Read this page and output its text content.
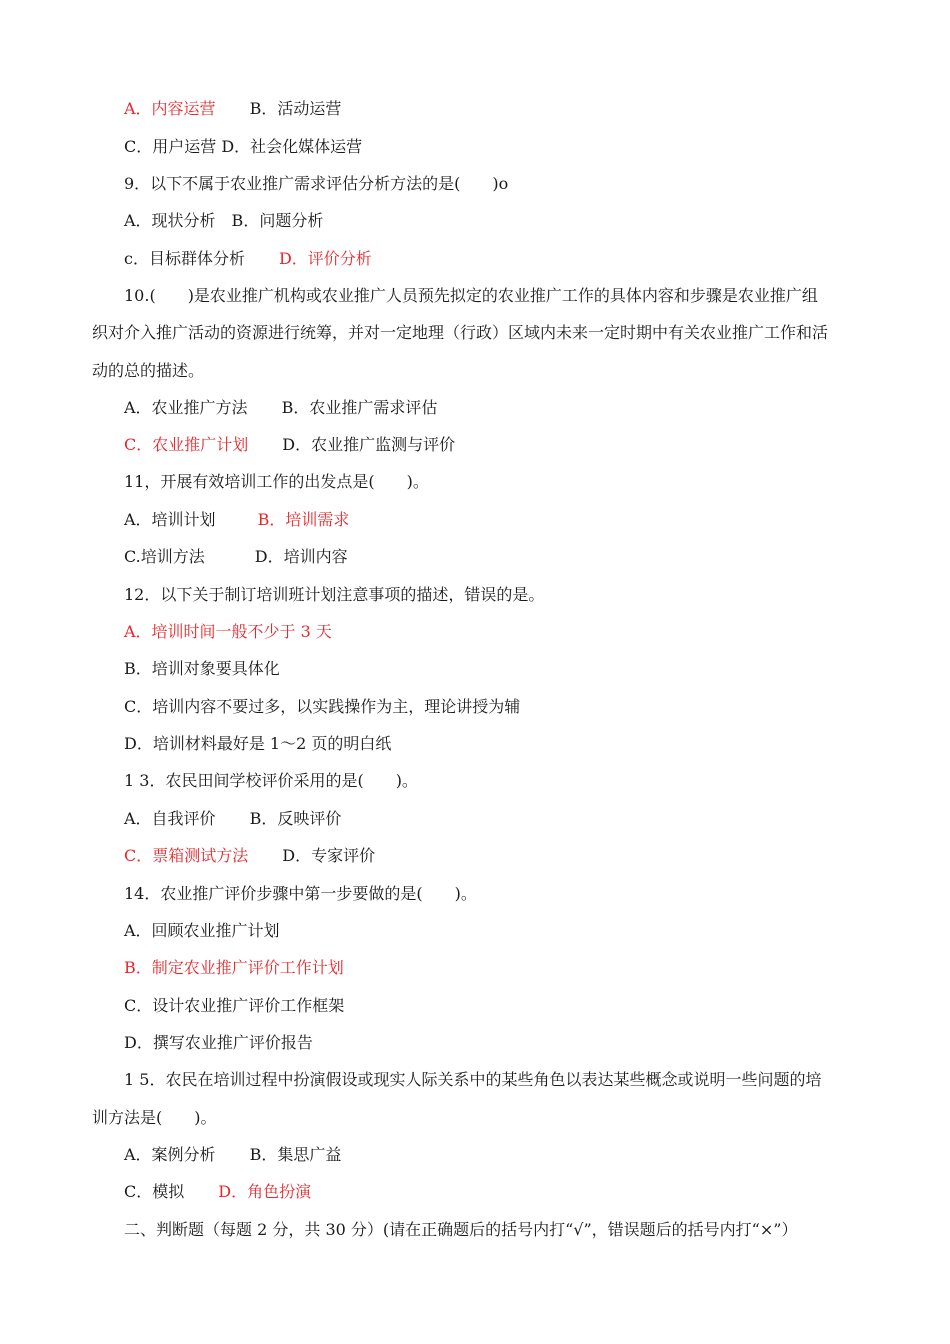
A．内容运营 B．活动运营
C．用户运营 D．社会化媒体运营
9．以下不属于农业推广需求评估分析方法的是(　　)o
A．现状分析　B．问题分析
c．目标群体分析 D．评价分析
10.(　　)是农业推广机构或农业推广人员预先拟定的农业推广工作的具体内容和步骤是农业推广组
织对介入推广活动的资源进行统筹，并对一定地理（行政）区域内未来一定时期中有关农业推广工作和活
动的总的描述。
A．农业推广方法 B．农业推广需求评估
C．农业推广计划 D．农业推广监测与评价
11，开展有效培训工作的出发点是(　　)。
A．培训计划	B．培训需求
C.培训方法	D．培训内容
12．以下关于制订培训班计划注意事项的描述，错误的是。
A．培训时间一般不少于 3 天
B．培训对象要具体化
C．培训内容不要过多，以实践操作为主，理论讲授为辅
D．培训材料最好是 1～2 页的明白纸
1 3．农民田间学校评价采用的是(　　)。
A．自我评价 B．反映评价
C．票箱测试方法 D．专家评价
14．农业推广评价步骤中第一步要做的是(　　)。
A．回顾农业推广计划
B．制定农业推广评价工作计划
C．设计农业推广评价工作框架
D．撰写农业推广评价报告
1 5．农民在培训过程中扮演假设或现实人际关系中的某些角色以表达某些概念或说明一些问题的培
训方法是(　　)。
A．案例分析 B．集思广益
C．模拟 D．角色扮演
二、判断题（每题 2 分，共 30 分）(请在正确题后的括号内打“√”，错误题后的括号内打“×”）
